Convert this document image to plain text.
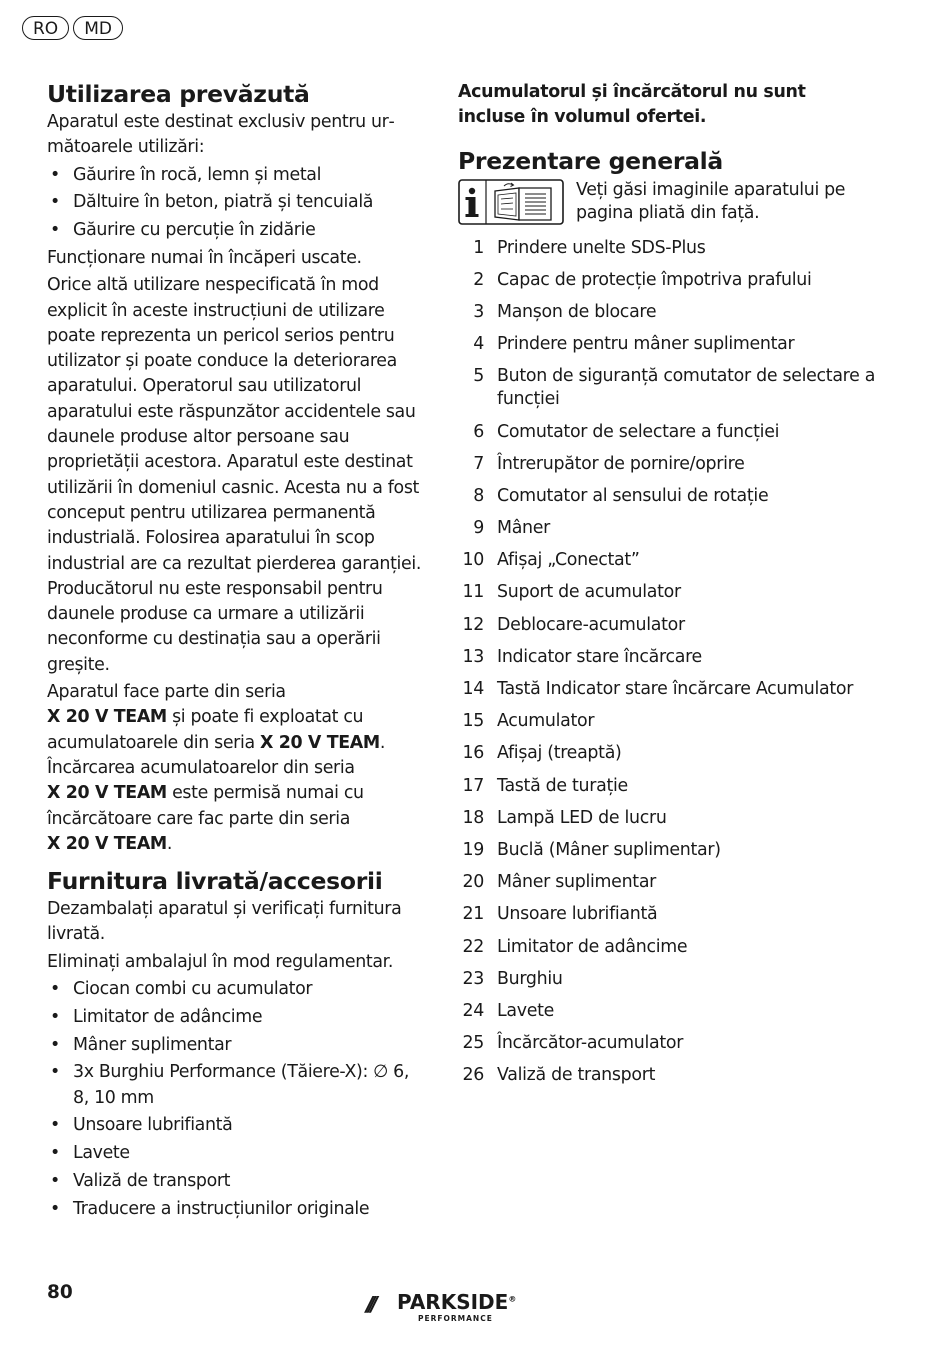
RO	MD
Utilizarea prevăzută

Aparatul este destinat exclusiv pentru următoarele utilizări:

• Găurire în rocă, lemn și metal
• Dăltuire în beton, piatră și tencuială
• Găurire cu percuție în zidărie

Funcționare numai în încăperi uscate.

Orice altă utilizare nespecificată în mod explicit în aceste instrucțiuni de utilizare poate reprezenta un pericol serios pentru utilizator și poate conduce la deteriorarea aparatului. Operatorul sau utilizatorul aparatului este răspunzător accidentele sau daunele produse altor persoane sau proprietății acestora. Aparatul este destinat utilizării în domeniul casnic. Acesta nu a fost conceput pentru utilizarea permanentă industrială. Folosirea aparatului în scop industrial are ca rezultat pierderea garanției. Producătorul nu este responsabil pentru daunele produse ca urmare a utilizării neconforme cu destinația sau a operării greșite.

Aparatul face parte din seria
X 20 V TEAM și poate fi exploatat cu acumulatoarele din seria X 20 V TEAM.
Încărcarea acumulatoarelor din seria
X 20 V TEAM este permisă numai cu încărcătoare care fac parte din seria
X 20 V TEAM.

Furnitura livrată/accesorii

Dezambalați aparatul și verificați furnitura livrată.

Eliminați ambalajul în mod regulamentar.

• Ciocan combi cu acumulator
• Limitator de adâncime
• Mâner suplimentar
• 3x Burghiu Performance (Tăiere-X): ∅ 6, 8, 10 mm
• Unsoare lubrifiantă
• Lavete
• Valiză de transport
• Traducere a instrucțiunilor originale

Acumulatorul și încărcătorul nu sunt incluse în volumul ofertei.

Prezentare generală
Veți găsi imaginile aparatului pe pagina pliată din față.
1 Prindere unelte SDS-Plus
2 Capac de protecție împotriva prafului
3 Manșon de blocare
4 Prindere pentru mâner suplimentar
5 Buton de siguranță comutator de selectare a funcției
6 Comutator de selectare a funcției
7 Întrerupător de pornire/oprire
8 Comutator al sensului de rotație
9 Mâner
10 Afișaj „Conectat”
11 Suport de acumulator
12 Deblocare-acumulator
13 Indicator stare încărcare
14 Tastă Indicator stare încărcare Acumulator
15 Acumulator
16 Afișaj (treaptă)
17 Tastă de turație
18 Lampă LED de lucru
19 Buclă (Mâner suplimentar)
20 Mâner suplimentar
21 Unsoare lubrifiantă
22 Limitator de adâncime
23 Burghiu
24 Lavete
25 Încărcător-acumulator
26 Valiză de transport
80	/// PARKSIDE®
PERFORMANCE
